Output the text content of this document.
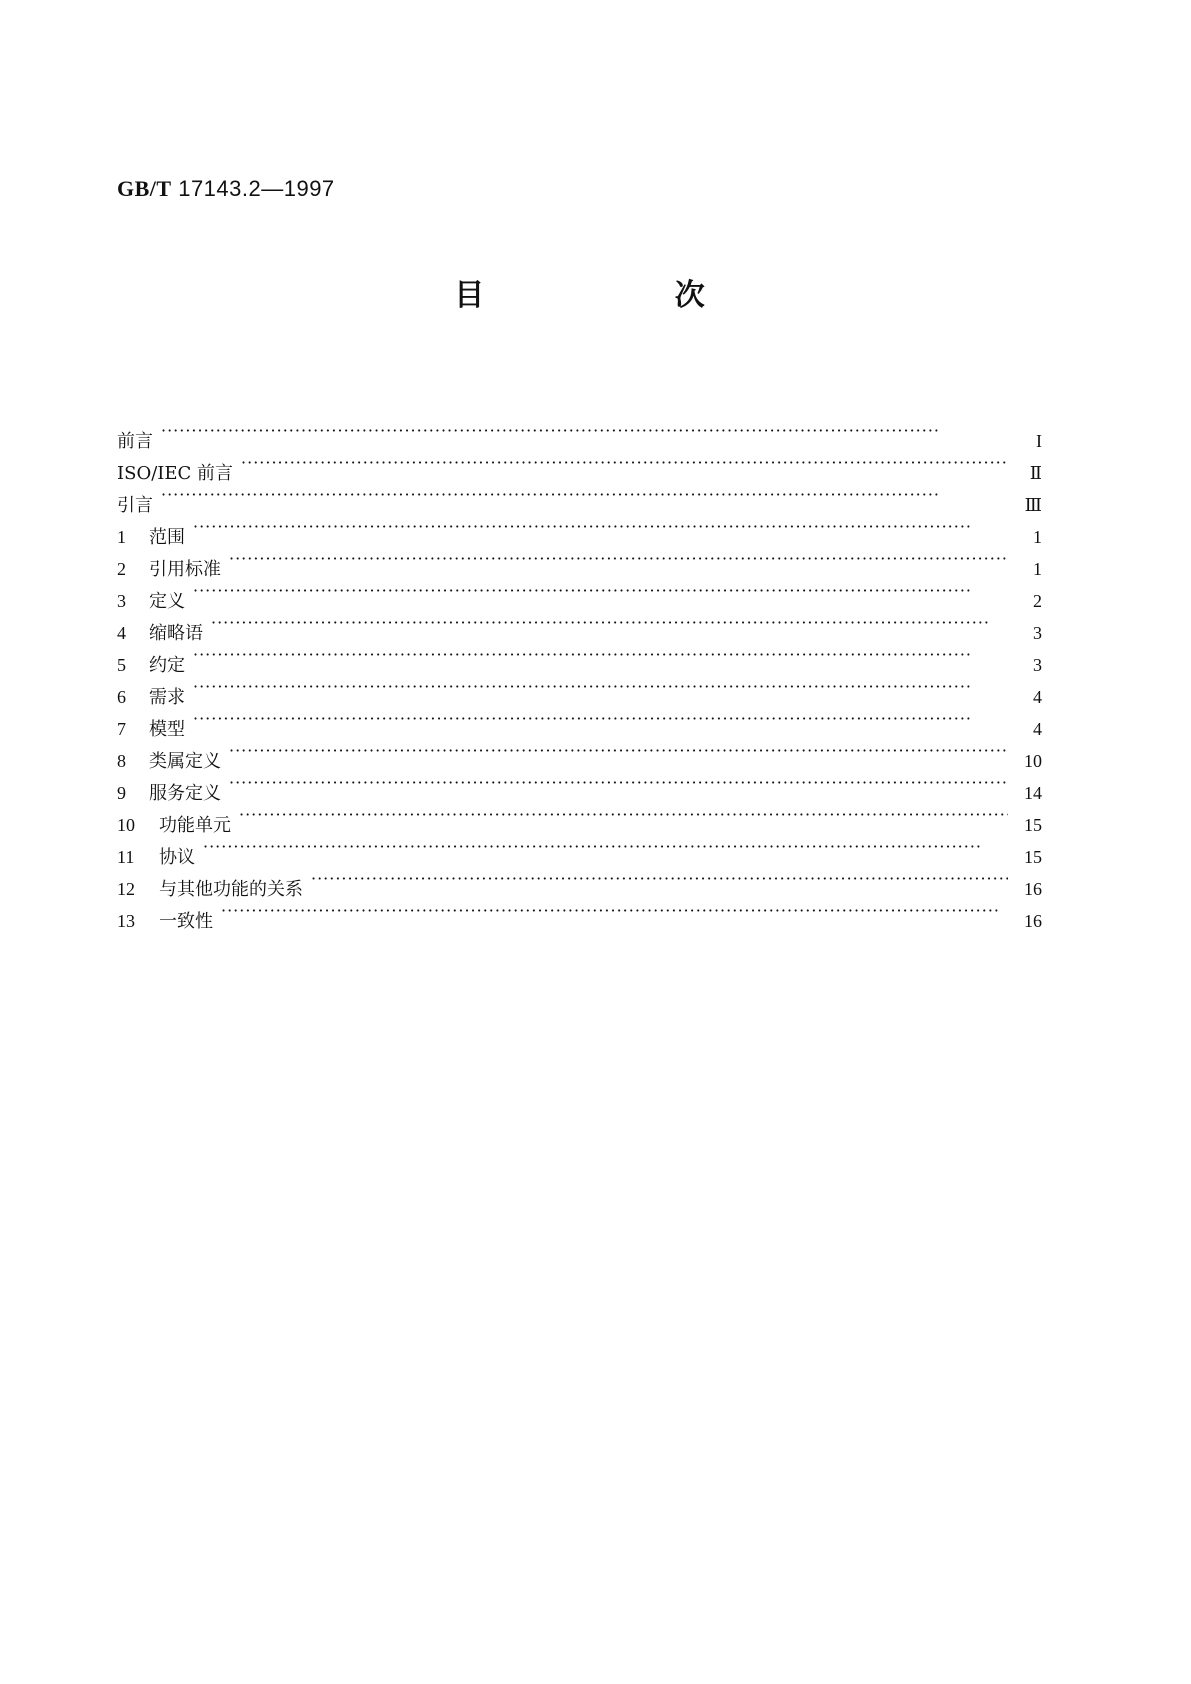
GB/T 17143.2—1997
目 次
前言 ·····	I
ISO/IEC 前言 ·····	Ⅱ
引言 ·····	Ⅲ
1	范围 ·····	1
2	引用标准 ·····	1
3	定义 ·····	2
4	缩略语 ·····	3
5	约定 ·····	3
6	需求 ·····	4
7	模型 ·····	4
8	类属定义 ·····	10
9	服务定义 ·····	14
10	功能单元 ·····	15
11	协议 ·····	15
12	与其他功能的关系 ·····	16
13	一致性 ·····	16
